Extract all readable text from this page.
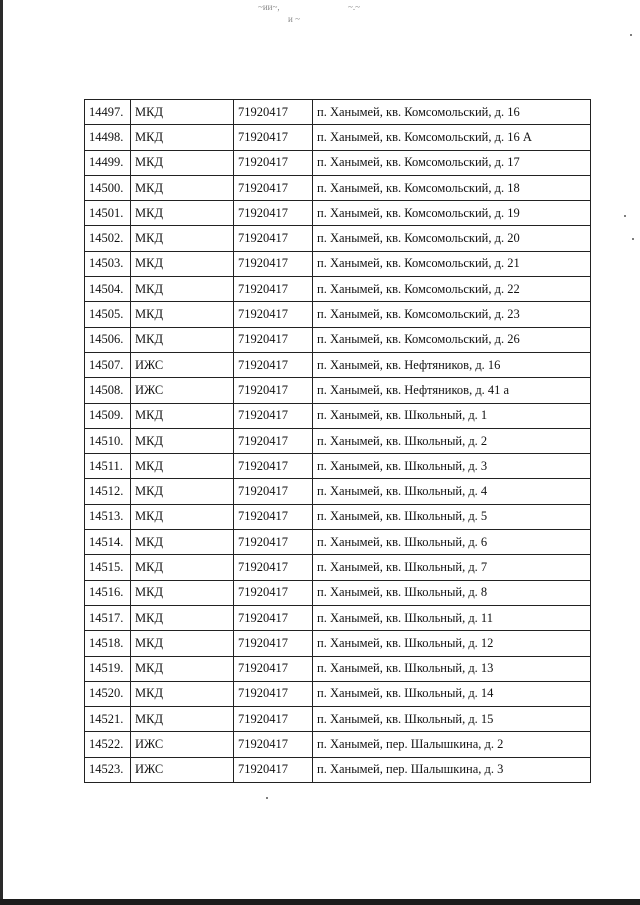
~ии~,
и ~
~.~
14497.	МКД	71920417	п. Ханымей, кв. Комсомольский, д. 16
14498.	МКД	71920417	п. Ханымей, кв. Комсомольский, д. 16 А
14499.	МКД	71920417	п. Ханымей, кв. Комсомольский, д. 17
14500.	МКД	71920417	п. Ханымей, кв. Комсомольский, д. 18
14501.	МКД	71920417	п. Ханымей, кв. Комсомольский, д. 19
14502.	МКД	71920417	п. Ханымей, кв. Комсомольский, д. 20
14503.	МКД	71920417	п. Ханымей, кв. Комсомольский, д. 21
14504.	МКД	71920417	п. Ханымей, кв. Комсомольский, д. 22
14505.	МКД	71920417	п. Ханымей, кв. Комсомольский, д. 23
14506.	МКД	71920417	п. Ханымей, кв. Комсомольский, д. 26
14507.	ИЖС	71920417	п. Ханымей, кв. Нефтяников, д. 16
14508.	ИЖС	71920417	п. Ханымей, кв. Нефтяников, д. 41 а
14509.	МКД	71920417	п. Ханымей, кв. Школьный, д. 1
14510.	МКД	71920417	п. Ханымей, кв. Школьный, д. 2
14511.	МКД	71920417	п. Ханымей, кв. Школьный, д. 3
14512.	МКД	71920417	п. Ханымей, кв. Школьный, д. 4
14513.	МКД	71920417	п. Ханымей, кв. Школьный, д. 5
14514.	МКД	71920417	п. Ханымей, кв. Школьный, д. 6
14515.	МКД	71920417	п. Ханымей, кв. Школьный, д. 7
14516.	МКД	71920417	п. Ханымей, кв. Школьный, д. 8
14517.	МКД	71920417	п. Ханымей, кв. Школьный, д. 11
14518.	МКД	71920417	п. Ханымей, кв. Школьный, д. 12
14519.	МКД	71920417	п. Ханымей, кв. Школьный, д. 13
14520.	МКД	71920417	п. Ханымей, кв. Школьный, д. 14
14521.	МКД	71920417	п. Ханымей, кв. Школьный, д. 15
14522.	ИЖС	71920417	п. Ханымей, пер. Шалышкина, д. 2
14523.	ИЖС	71920417	п. Ханымей, пер. Шалышкина, д. 3
